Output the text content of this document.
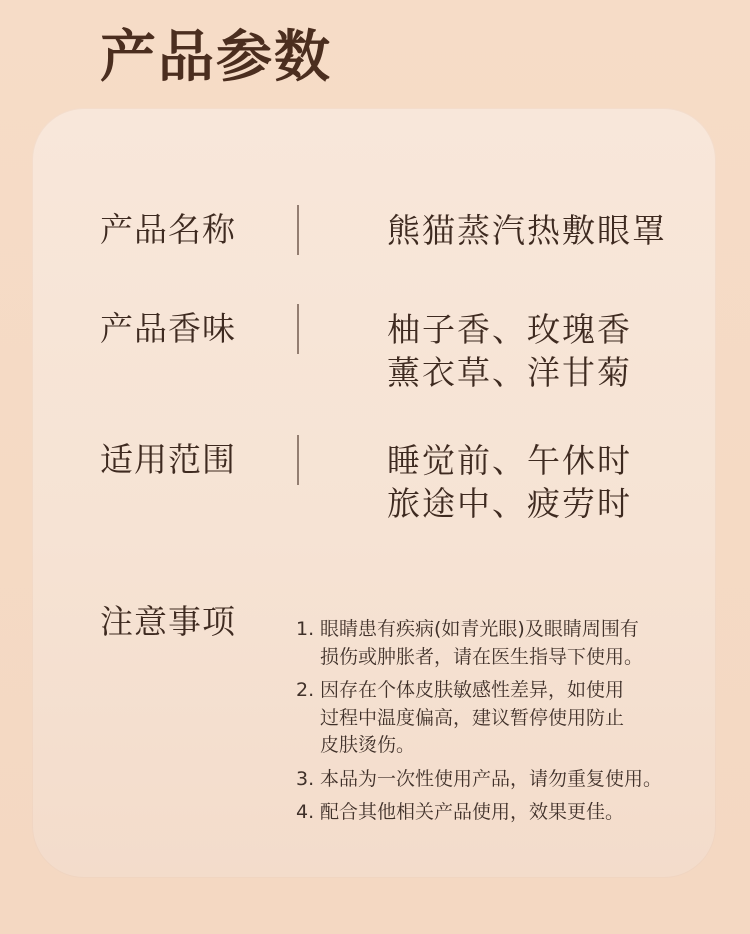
产品参数
产品名称	熊猫蒸汽热敷眼罩
产品香味	柚子香、玫瑰香
薰衣草、洋甘菊
适用范围	睡觉前、午休时
旅途中、疲劳时
注意事项	1. 眼睛患有疾病(如青光眼)及眼睛周围有
损伤或肿胀者，请在医生指导下使用。
2. 因存在个体皮肤敏感性差异，如使用
过程中温度偏高，建议暂停使用防止
皮肤烫伤。
3. 本品为一次性使用产品，请勿重复使用。
4. 配合其他相关产品使用，效果更佳。
